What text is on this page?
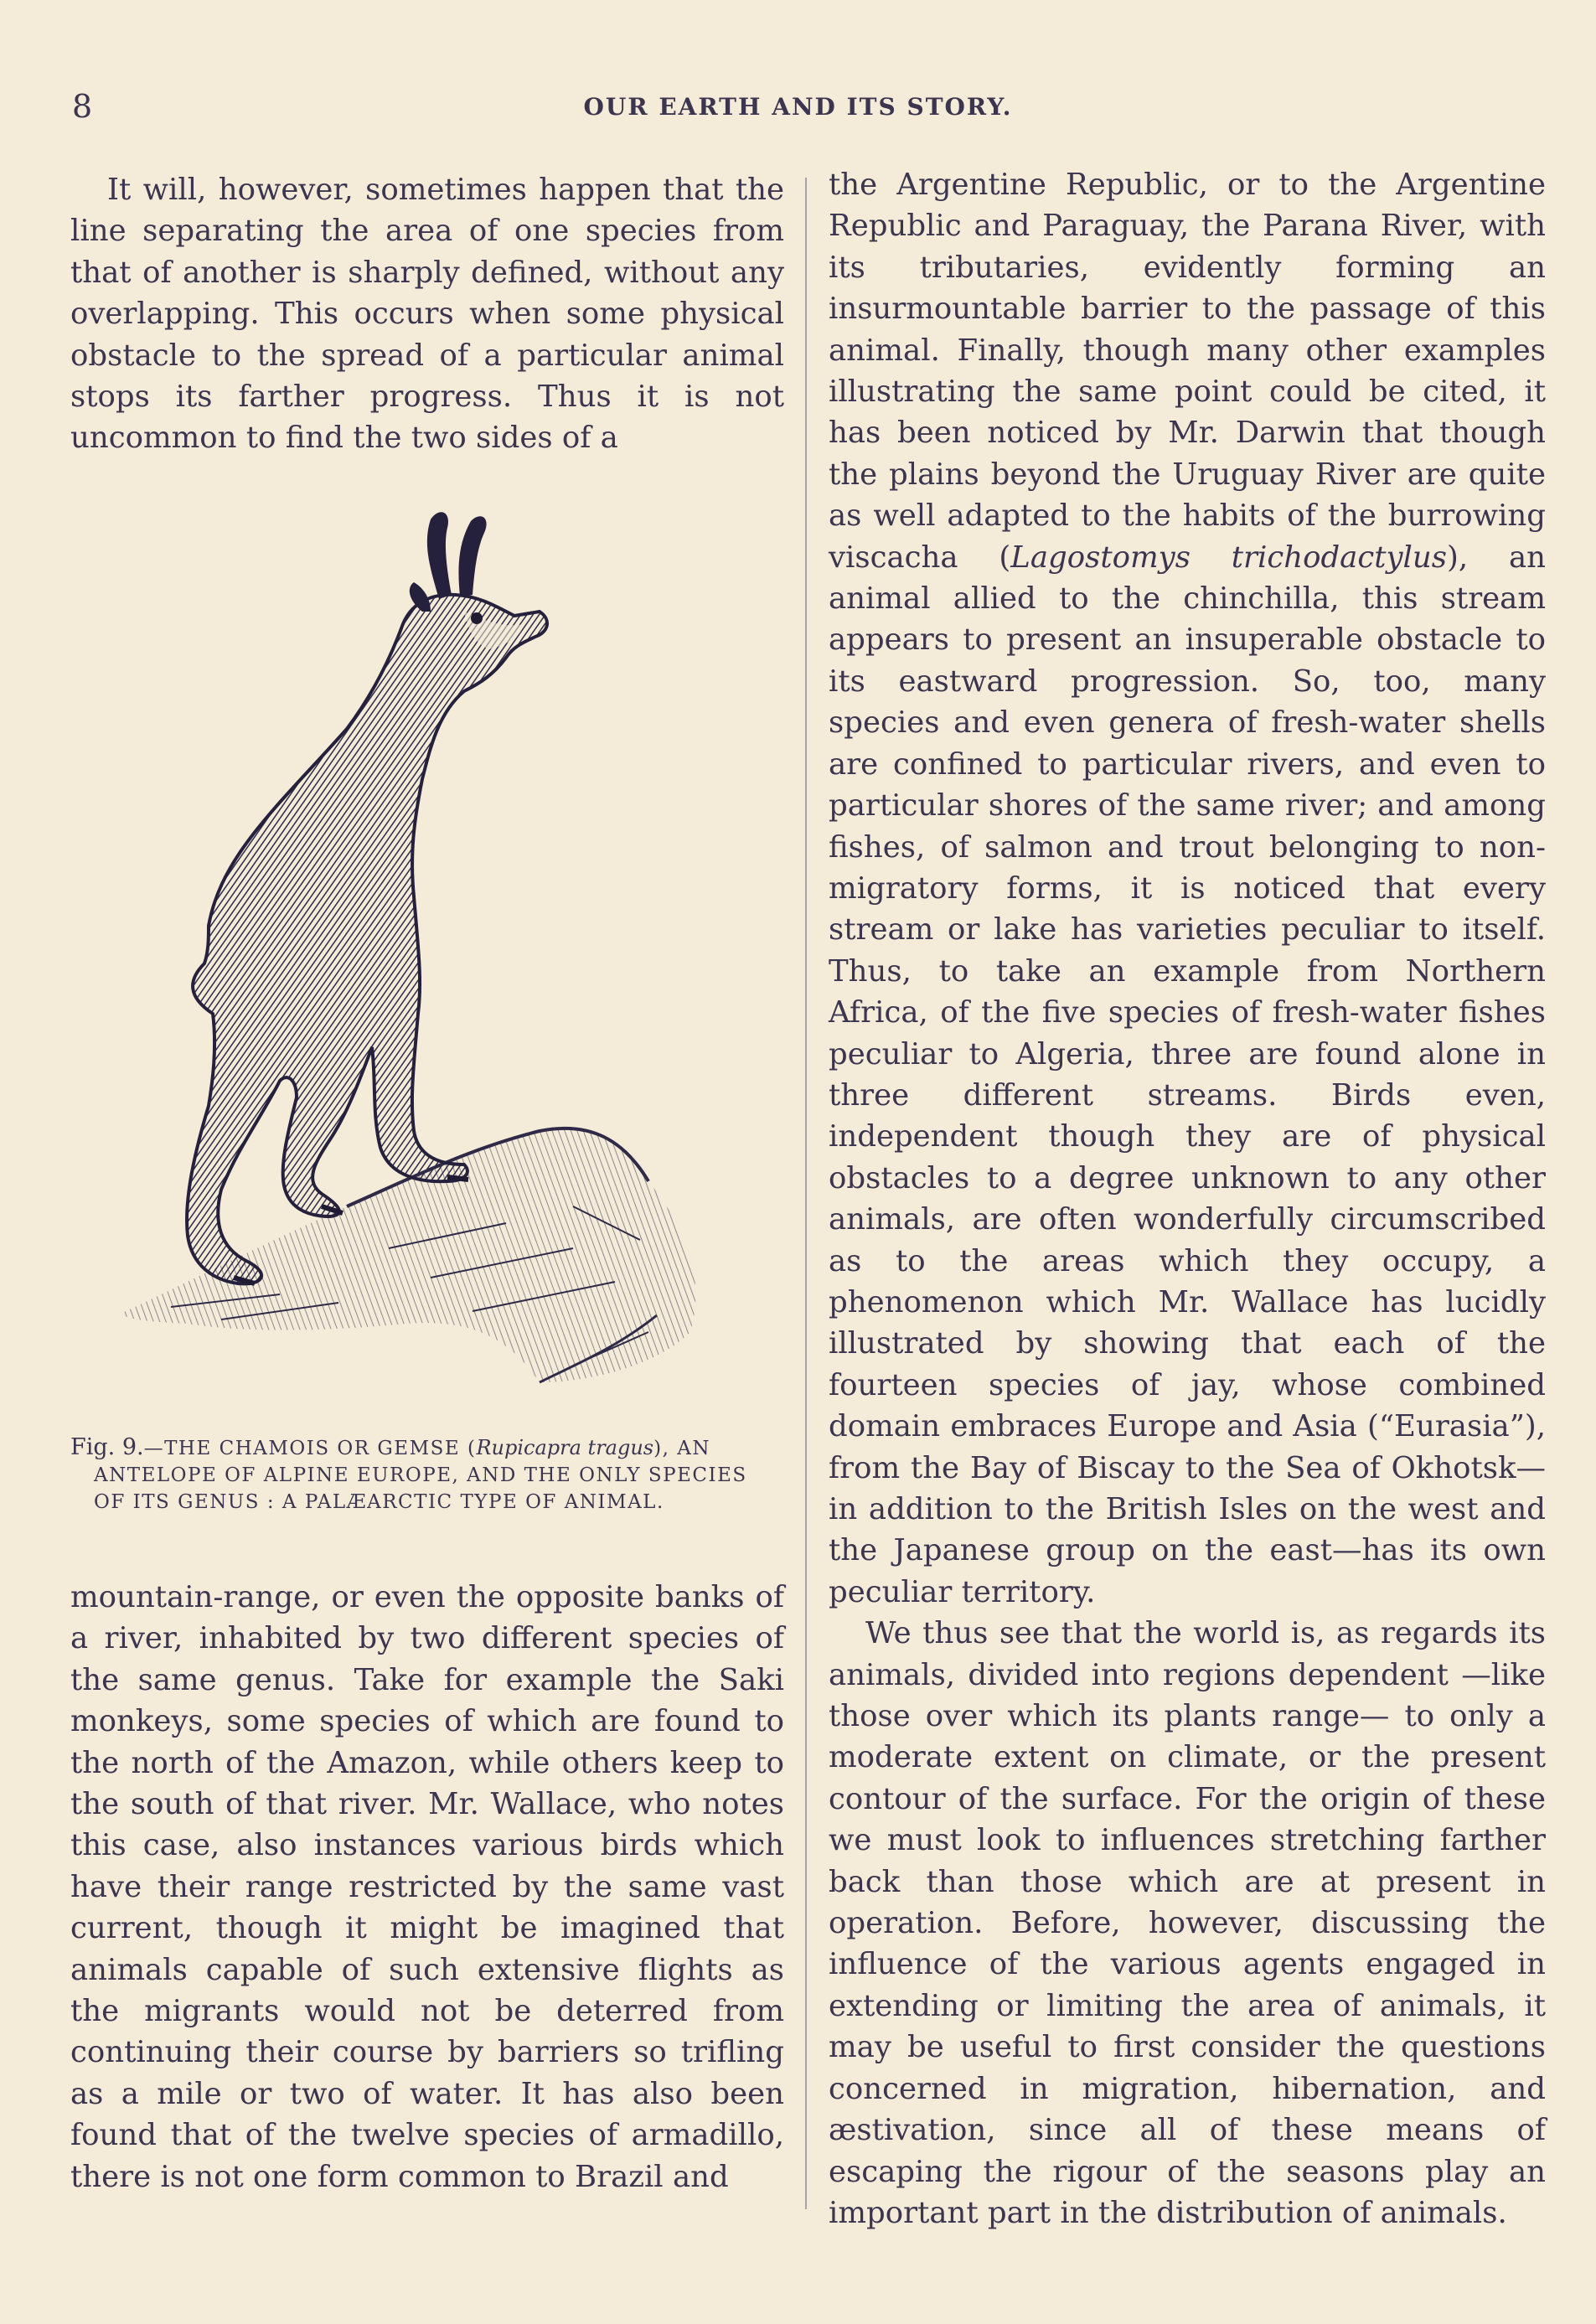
8	OUR EARTH AND ITS STORY.

It will, however, sometimes happen that the line separating the area of one species from that of another is sharply defined, without any overlapping. This occurs when some physical obstacle to the spread of a particular animal stops its farther progress. Thus it is not uncommon to find the two sides of a

Fig. 9.—THE CHAMOIS OR GEMSE (Rupicapra tragus), AN
ANTELOPE OF ALPINE EUROPE, AND THE ONLY SPECIES
OF ITS GENUS : A PALÆARCTIC TYPE OF ANIMAL.

mountain-range, or even the opposite banks of a river, inhabited by two different species of the same genus. Take for example the Saki monkeys, some species of which are found to the north of the Amazon, while others keep to the south of that river. Mr. Wallace, who notes this case, also instances various birds which have their range restricted by the same vast current, though it might be imagined that animals capable of such extensive flights as the migrants would not be deterred from continuing their course by barriers so trifling as a mile or two of water. It has also been found that of the twelve species of armadillo, there is not one form common to Brazil and

the Argentine Republic, or to the Argentine Republic and Paraguay, the Parana River, with its tributaries, evidently forming an insurmountable barrier to the passage of this animal. Finally, though many other examples illustrating the same point could be cited, it has been noticed by Mr. Darwin that though the plains beyond the Uruguay River are quite as well adapted to the habits of the burrowing viscacha (Lagostomys trichodactylus), an animal allied to the chinchilla, this stream appears to present an insuperable obstacle to its eastward progression. So, too, many species and even genera of fresh-water shells are confined to particular rivers, and even to particular shores of the same river; and among fishes, of salmon and trout belonging to non-migratory forms, it is noticed that every stream or lake has varieties peculiar to itself. Thus, to take an example from Northern Africa, of the five species of fresh-water fishes peculiar to Algeria, three are found alone in three different streams. Birds even, independent though they are of physical obstacles to a degree unknown to any other animals, are often wonderfully circumscribed as to the areas which they occupy, a phenomenon which Mr. Wallace has lucidly illustrated by showing that each of the fourteen species of jay, whose combined domain embraces Europe and Asia (“Eurasia”), from the Bay of Biscay to the Sea of Okhotsk—in addition to the British Isles on the west and the Japanese group on the east—has its own peculiar territory.

We thus see that the world is, as regards its animals, divided into regions dependent —like those over which its plants range— to only a moderate extent on climate, or the present contour of the surface. For the origin of these we must look to influences stretching farther back than those which are at present in operation. Before, however, discussing the influence of the various agents engaged in extending or limiting the area of animals, it may be useful to first consider the questions concerned in migration, hibernation, and æstivation, since all of these means of escaping the rigour of the seasons play an important part in the distribution of animals.
